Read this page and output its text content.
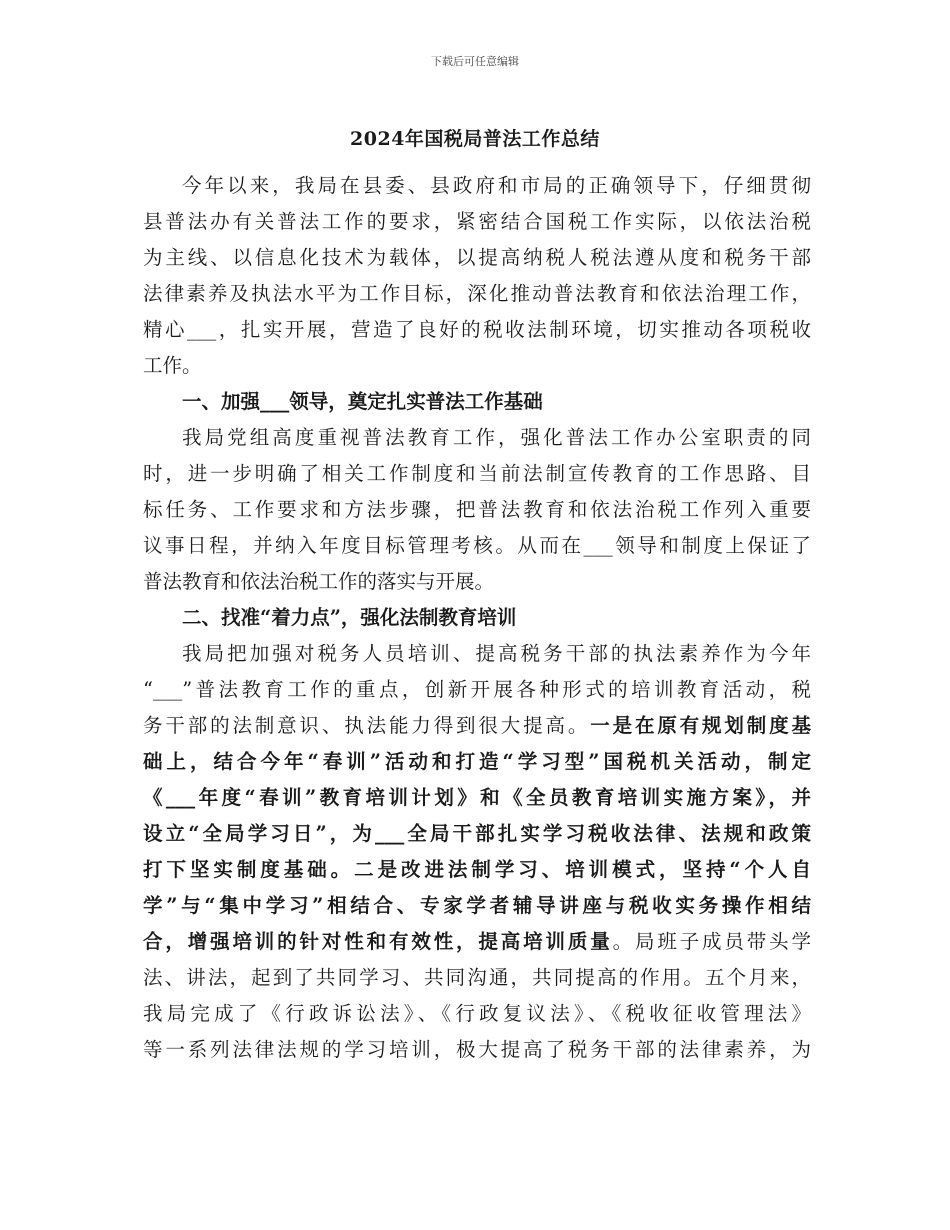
下载后可任意编辑
2024年国税局普法工作总结
今年以来，我局在县委、县政府和市局的正确领导下，仔细贯彻
县普法办有关普法工作的要求，紧密结合国税工作实际，以依法治税
为主线、以信息化技术为载体，以提高纳税人税法遵从度和税务干部
法律素养及执法水平为工作目标，深化推动普法教育和依法治理工作，
精心___，扎实开展，营造了良好的税收法制环境，切实推动各项税收
工作。
一、加强___领导，奠定扎实普法工作基础
我局党组高度重视普法教育工作，强化普法工作办公室职责的同
时，进一步明确了相关工作制度和当前法制宣传教育的工作思路、目
标任务、工作要求和方法步骤，把普法教育和依法治税工作列入重要
议事日程，并纳入年度目标管理考核。从而在___领导和制度上保证了
普法教育和依法治税工作的落实与开展。
二、找准“着力点”，强化法制教育培训
我局把加强对税务人员培训、提高税务干部的执法素养作为今年
“___”普法教育工作的重点，创新开展各种形式的培训教育活动，税
务干部的法制意识、执法能力得到很大提高。一是在原有规划制度基
础上，结合今年“春训”活动和打造“学习型”国税机关活动，制定
《___年度“春训”教育培训计划》和《全员教育培训实施方案》，并
设立“全局学习日”，为___全局干部扎实学习税收法律、法规和政策
打下坚实制度基础。二是改进法制学习、培训模式，坚持“个人自
学”与“集中学习”相结合、专家学者辅导讲座与税收实务操作相结
合，增强培训的针对性和有效性，提高培训质量。局班子成员带头学
法、讲法，起到了共同学习、共同沟通，共同提高的作用。五个月来，
我局完成了《行政诉讼法》、《行政复议法》、《税收征收管理法》
等一系列法律法规的学习培训，极大提高了税务干部的法律素养，为
